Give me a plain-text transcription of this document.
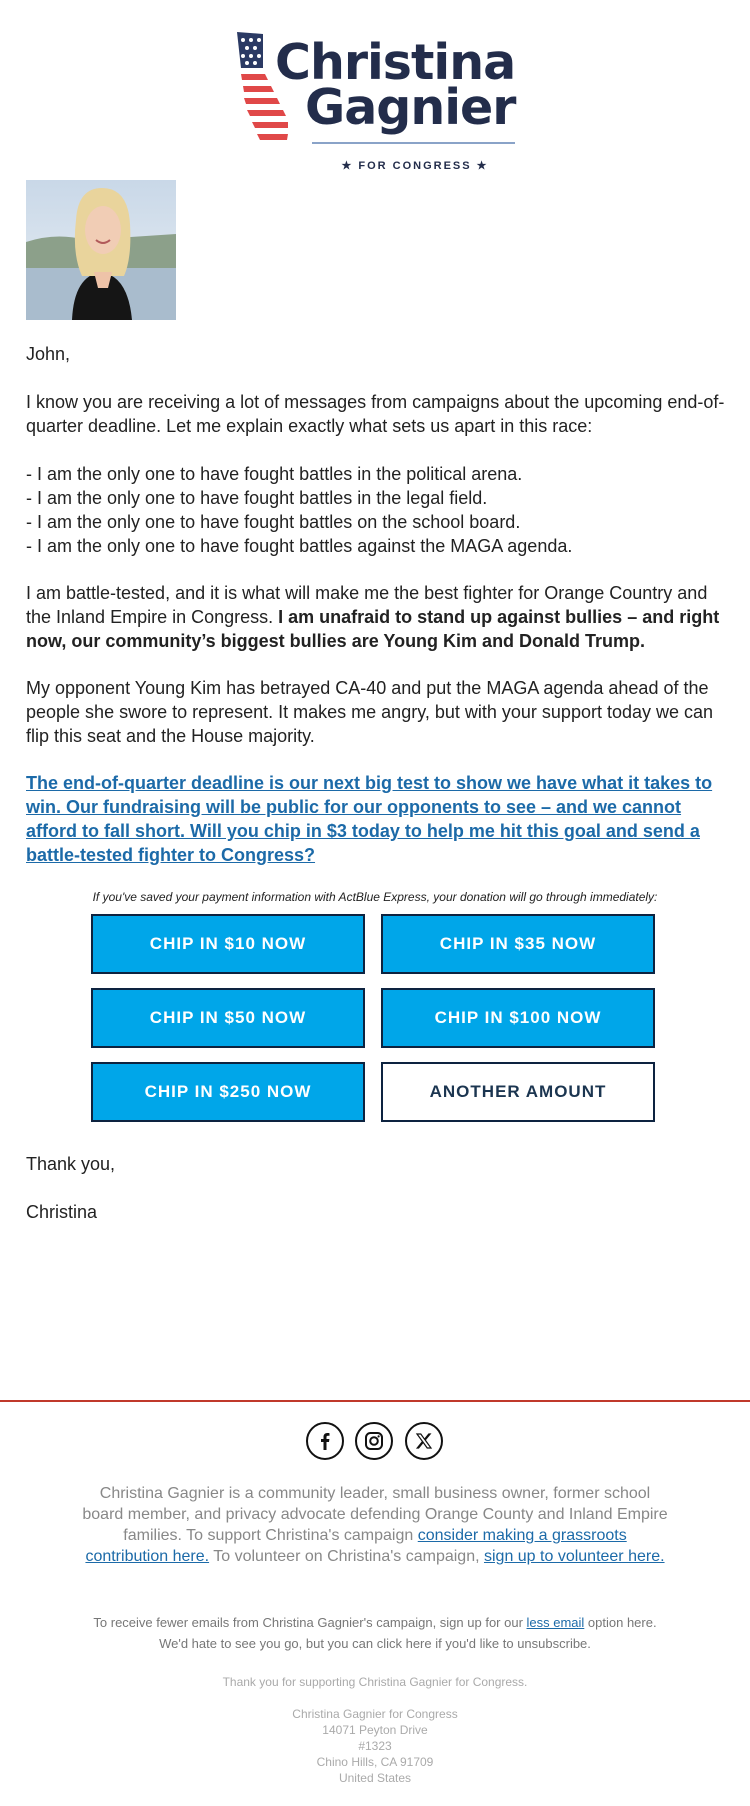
Christina
Gagnier
★ FOR CONGRESS ★
John,
I know you are receiving a lot of messages from campaigns about the upcoming end-of-quarter deadline. Let me explain exactly what sets us apart in this race:
- I am the only one to have fought battles in the political arena.
- I am the only one to have fought battles in the legal field.
- I am the only one to have fought battles on the school board.
- I am the only one to have fought battles against the MAGA agenda.
I am battle-tested, and it is what will make me the best fighter for Orange Country and the Inland Empire in Congress. I am unafraid to stand up against bullies – and right now, our community’s biggest bullies are Young Kim and Donald Trump.
My opponent Young Kim has betrayed CA-40 and put the MAGA agenda ahead of the people she swore to represent. It makes me angry, but with your support today we can flip this seat and the House majority.
The end-of-quarter deadline is our next big test to show we have what it takes to win. Our fundraising will be public for our opponents to see – and we cannot afford to fall short. Will you chip in $3 today to help me hit this goal and send a battle-tested fighter to Congress?
If you've saved your payment information with ActBlue Express, your donation will go through immediately:
CHIP IN $10 NOW	CHIP IN $35 NOW
CHIP IN $50 NOW	CHIP IN $100 NOW
CHIP IN $250 NOW	ANOTHER AMOUNT
Thank you,
Christina
Christina Gagnier is a community leader, small business owner, former school board member, and privacy advocate defending Orange County and Inland Empire families. To support Christina's campaign consider making a grassroots contribution here. To volunteer on Christina's campaign, sign up to volunteer here.
To receive fewer emails from Christina Gagnier's campaign, sign up for our less email option here. We'd hate to see you go, but you can click here if you'd like to unsubscribe.
Thank you for supporting Christina Gagnier for Congress.
Christina Gagnier for Congress
14071 Peyton Drive
#1323
Chino Hills, CA 91709
United States
